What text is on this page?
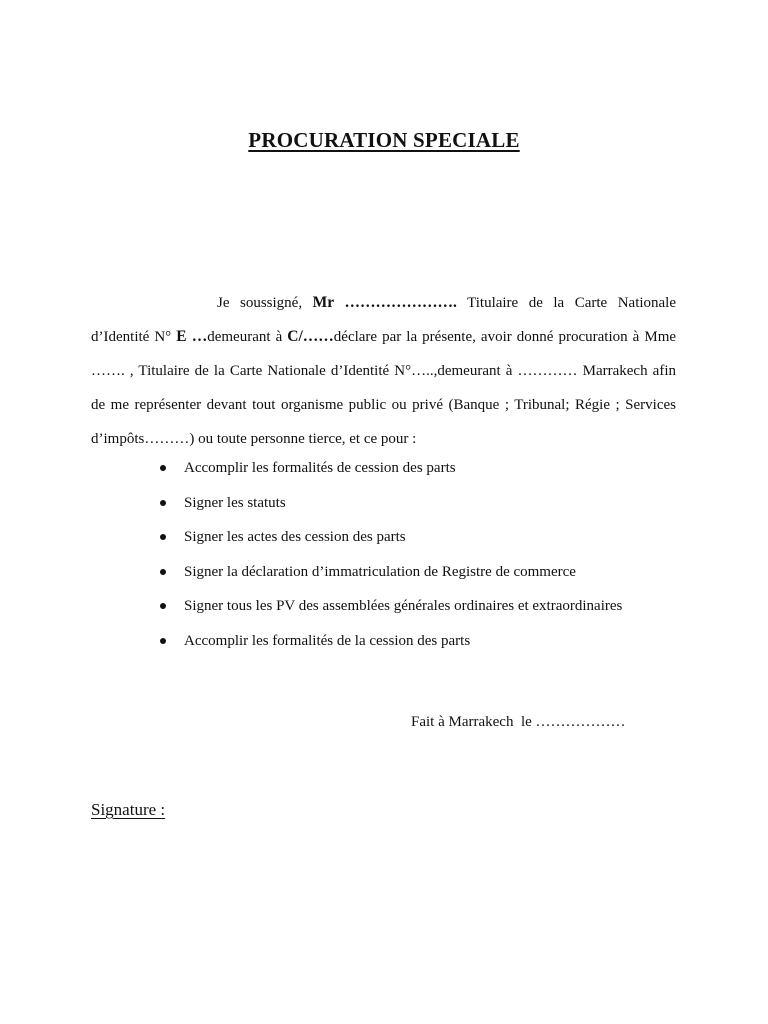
PROCURATION SPECIALE
Je soussigné, Mr …………………. Titulaire de la Carte Nationale d’Identité N° E …demeurant à C/……déclare par la présente, avoir donné procuration à Mme ……. , Titulaire de la Carte Nationale d’Identité N°…..,demeurant à ………… Marrakech afin de me représenter devant tout organisme public ou privé (Banque ; Tribunal; Régie ; Services d’impôts………) ou toute personne tierce, et ce pour :
Accomplir les formalités de cession des parts
Signer les statuts
Signer les actes des cession des parts
Signer la déclaration d’immatriculation de Registre de commerce
Signer tous les PV des assemblées générales ordinaires et extraordinaires
Accomplir les formalités de la cession des parts
Fait à Marrakech  le ………………
Signature :
